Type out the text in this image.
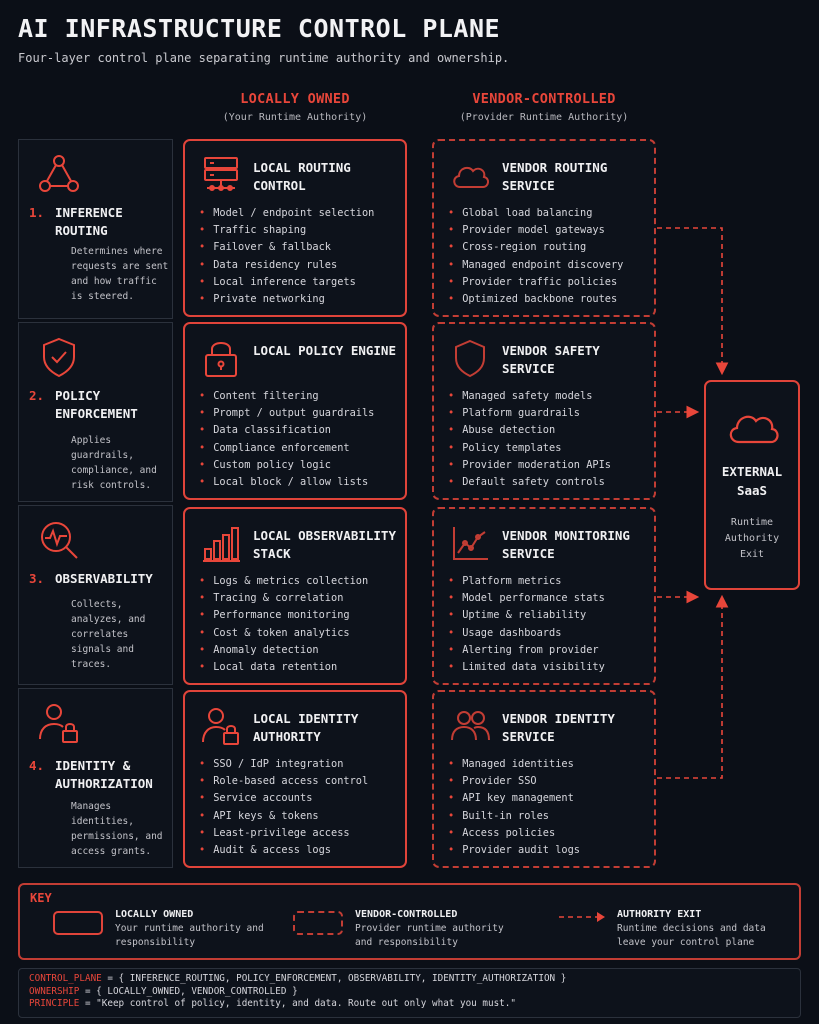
AI INFRASTRUCTURE CONTROL PLANE
Four-layer control plane separating runtime authority and ownership.
LOCALLY OWNED
(Your Runtime Authority)
VENDOR-CONTROLLED
(Provider Runtime Authority)
1. INFERENCE ROUTING
Determines where requests are sent and how traffic is steered.
2. POLICY ENFORCEMENT
Applies guardrails, compliance, and risk controls.
3. OBSERVABILITY
Collects, analyzes, and correlates signals and traces.
4. IDENTITY & AUTHORIZATION
Manages identities, permissions, and access grants.
LOCAL ROUTING CONTROL
• Model / endpoint selection
• Traffic shaping
• Failover & fallback
• Data residency rules
• Local inference targets
• Private networking
LOCAL POLICY ENGINE
• Content filtering
• Prompt / output guardrails
• Data classification
• Compliance enforcement
• Custom policy logic
• Local block / allow lists
LOCAL OBSERVABILITY STACK
• Logs & metrics collection
• Tracing & correlation
• Performance monitoring
• Cost & token analytics
• Anomaly detection
• Local data retention
LOCAL IDENTITY AUTHORITY
• SSO / IdP integration
• Role-based access control
• Service accounts
• API keys & tokens
• Least-privilege access
• Audit & access logs
VENDOR ROUTING SERVICE
• Global load balancing
• Provider model gateways
• Cross-region routing
• Managed endpoint discovery
• Provider traffic policies
• Optimized backbone routes
VENDOR SAFETY SERVICE
• Managed safety models
• Platform guardrails
• Abuse detection
• Policy templates
• Provider moderation APIs
• Default safety controls
VENDOR MONITORING SERVICE
• Platform metrics
• Model performance stats
• Uptime & reliability
• Usage dashboards
• Alerting from provider
• Limited data visibility
VENDOR IDENTITY SERVICE
• Managed identities
• Provider SSO
• API key management
• Built-in roles
• Access policies
• Provider audit logs
EXTERNAL
SaaS
Runtime
Authority
Exit
KEY
LOCALLY OWNED
Your runtime authority and responsibility
VENDOR-CONTROLLED
Provider runtime authority and responsibility
AUTHORITY EXIT
Runtime decisions and data leave your control plane
CONTROL_PLANE = { INFERENCE_ROUTING, POLICY_ENFORCEMENT, OBSERVABILITY, IDENTITY_AUTHORIZATION }
OWNERSHIP = { LOCALLY_OWNED, VENDOR_CONTROLLED }
PRINCIPLE = "Keep control of policy, identity, and data. Route out only what you must."
